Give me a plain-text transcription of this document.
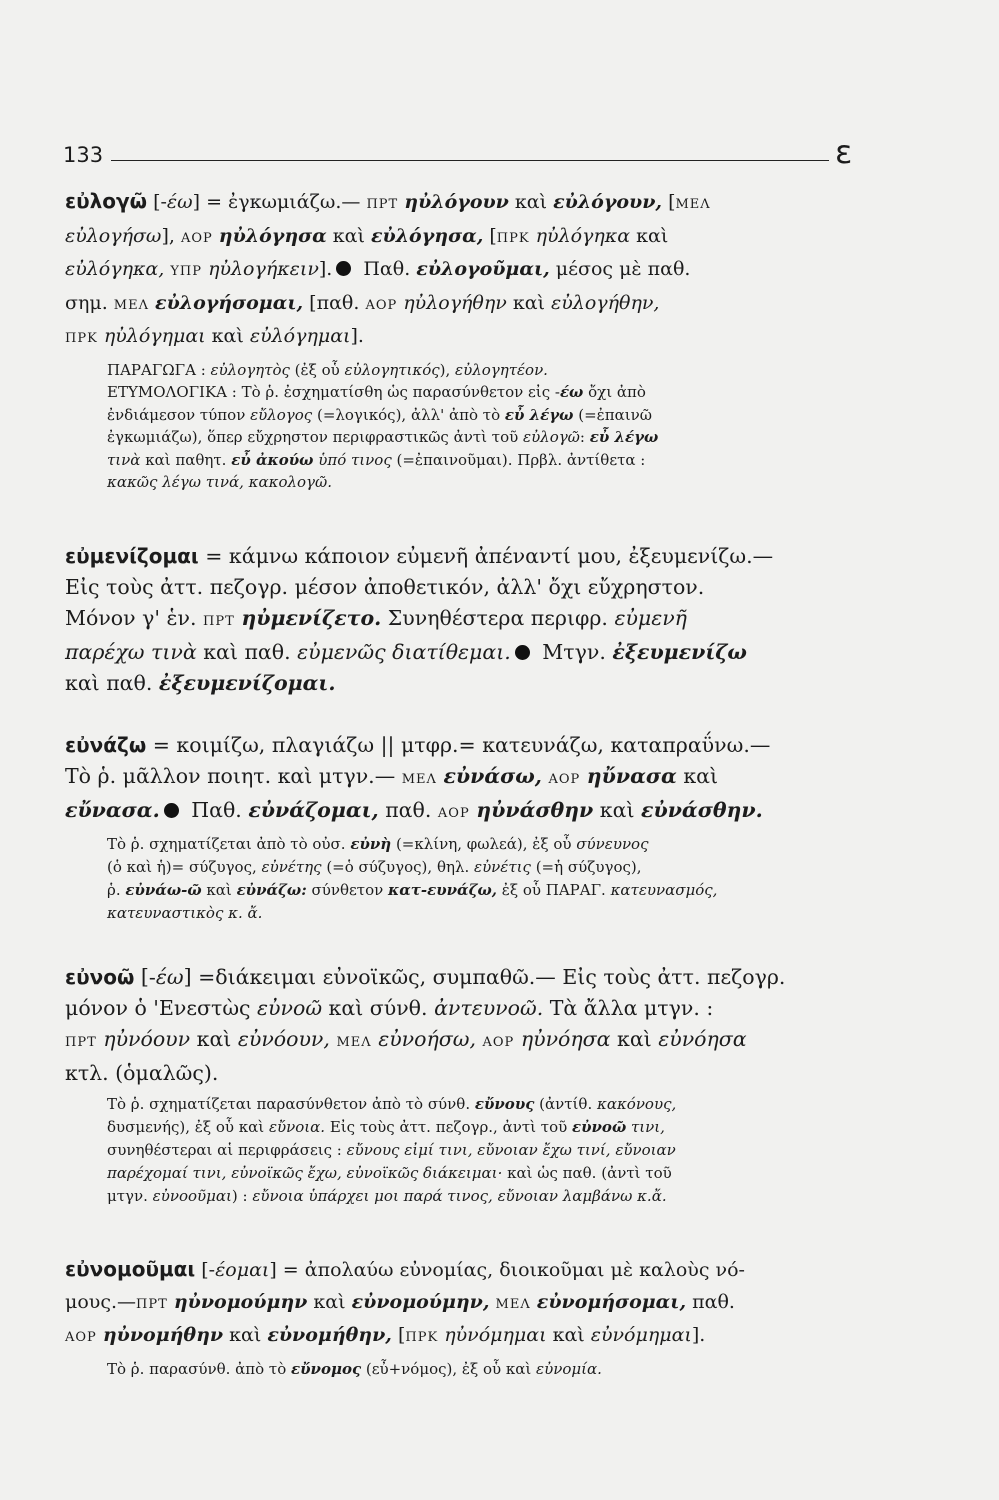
133	ε

εὐλογῶ [-έω] = ἐγκωμιάζω.— ΠΡΤ ηὐλόγουν καὶ εὐλόγουν, [ΜΕΛ
εὐλογήσω], ΑΟΡ ηὐλόγησα καὶ εὐλόγησα, [ΠΡΚ ηὐλόγηκα καὶ
εὐλόγηκα, ΥΠΡ ηὐλογήκειν]. Παθ. εὐλογοῦμαι, μέσος μὲ παθ.
σημ. ΜΕΛ εὐλογήσομαι, [παθ. ΑΟΡ ηὐλογήθην καὶ εὐλογήθην,
ΠΡΚ ηὐλόγημαι καὶ εὐλόγημαι].

ΠΑΡΑΓΩΓΑ : εὐλογητὸς (ἐξ οὗ εὐλογητικός), εὐλογητέον.
ΕΤΥΜΟΛΟΓΙΚΑ : Τὸ ῥ. ἐσχηματίσθη ὡς παρασύνθετον εἰς -έω ὄχι ἀπὸ
ἐνδιάμεσον τύπον εὔλογος (=λογικός), ἀλλ' ἀπὸ τὸ εὖ λέγω (=ἐπαινῶ
ἐγκωμιάζω), ὅπερ εὔχρηστον περιφραστικῶς ἀντὶ τοῦ εὐλογῶ: εὖ λέγω
τινὰ καὶ παθητ. εὖ ἀκούω ὑπό τινος (=ἐπαινοῦμαι). Πρβλ. ἀντίθετα :
κακῶς λέγω τινά, κακολογῶ.

εὐμενίζομαι = κάμνω κάποιον εὐμενῆ ἀπέναντί μου, ἐξευμενίζω.—
Εἰς τοὺς ἀττ. πεζογρ. μέσον ἀποθετικόν, ἀλλ' ὄχι εὔχρηστον.
Μόνον γ' ἑν. ΠΡΤ ηὐμενίζετο. Συνηθέστερα περιφρ. εὐμενῆ
παρέχω τινὰ καὶ παθ. εὐμενῶς διατίθεμαι. Μτγν. ἐξευμενίζω
καὶ παθ. ἐξευμενίζομαι.

εὐνάζω = κοιμίζω, πλαγιάζω || μτφρ.= κατευνάζω, καταπραΰνω.—
Τὸ ῥ. μᾶλλον ποιητ. καὶ μτγν.— ΜΕΛ εὐνάσω, ΑΟΡ ηὔνασα καὶ
εὔνασα. Παθ. εὐνάζομαι, παθ. ΑΟΡ ηὐνάσθην καὶ εὐνάσθην.

Τὸ ῥ. σχηματίζεται ἀπὸ τὸ οὐσ. εὐνὴ (=κλίνη, φωλεά), ἐξ οὗ σύνευνος
(ὁ καὶ ἡ)= σύζυγος, εὐνέτης (=ὁ σύζυγος), θηλ. εὐνέτις (=ἡ σύζυγος),
ῥ. εὐνάω-ῶ καὶ εὐνάζω: σύνθετον κατ-ευνάζω, ἐξ οὗ ΠΑΡΑΓ. κατευνασμός,
κατευναστικὸς κ. ἄ.

εὐνοῶ [-έω] =διάκειμαι εὐνοϊκῶς, συμπαθῶ.— Εἰς τοὺς ἀττ. πεζογρ.
μόνον ὁ 'Ενεστὼς εὐνοῶ καὶ σύνθ. ἀντευνοῶ. Τὰ ἄλλα μτγν. :
ΠΡΤ ηὐνόουν καὶ εὐνόουν, ΜΕΛ εὐνοήσω, ΑΟΡ ηὐνόησα καὶ εὐνόησα
κτλ. (ὁμαλῶς).

Τὸ ῥ. σχηματίζεται παρασύνθετον ἀπὸ τὸ σύνθ. εὔνους (ἀντίθ. κακόνους,
δυσμενής), ἐξ οὗ καὶ εὔνοια. Εἰς τοὺς ἀττ. πεζογρ., ἀντὶ τοῦ εὐνοῶ τινι,
συνηθέστεραι αἱ περιφράσεις : εὔνους εἰμί τινι, εὔνοιαν ἔχω τινί, εὔνοιαν
παρέχομαί τινι, εὐνοϊκῶς ἔχω, εὐνοϊκῶς διάκειμαι· καὶ ὡς παθ. (ἀντὶ τοῦ
μτγν. εὐνοοῦμαι) : εὔνοια ὑπάρχει μοι παρά τινος, εὔνοιαν λαμβάνω κ.ἄ.

εὐνομοῦμαι [-έομαι] = ἀπολαύω εὐνομίας, διοικοῦμαι μὲ καλοὺς νό-
μους.—ΠΡΤ ηὐνομούμην καὶ εὐνομούμην, ΜΕΛ εὐνομήσομαι, παθ.
ΑΟΡ ηὐνομήθην καὶ εὐνομήθην, [ΠΡΚ ηὐνόμημαι καὶ εὐνόμημαι].

Τὸ ῥ. παρασύνθ. ἀπὸ τὸ εὔνομος (εὖ+νόμος), ἐξ οὗ καὶ εὐνομία.
